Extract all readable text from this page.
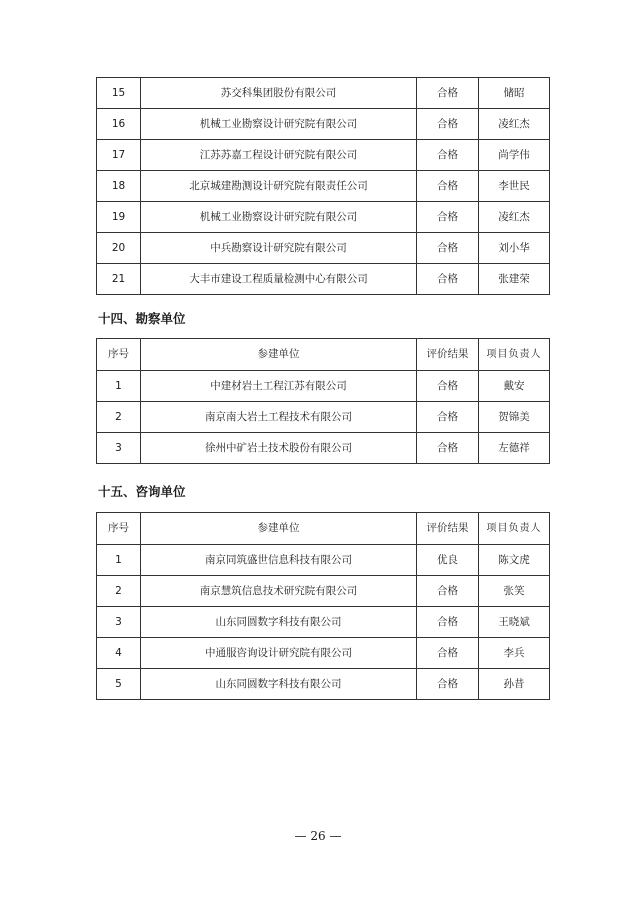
15	苏交科集团股份有限公司	合格	储昭
16	机械工业勘察设计研究院有限公司	合格	凌红杰
17	江苏苏嘉工程设计研究院有限公司	合格	尚学伟
18	北京城建勘测设计研究院有限责任公司	合格	李世民
19	机械工业勘察设计研究院有限公司	合格	凌红杰
20	中兵勘察设计研究院有限公司	合格	刘小华
21	大丰市建设工程质量检测中心有限公司	合格	张建荣
十四、勘察单位
序号	参建单位	评价结果	项目负责人
1	中建材岩土工程江苏有限公司	合格	戴安
2	南京南大岩土工程技术有限公司	合格	贺锦美
3	徐州中矿岩土技术股份有限公司	合格	左德祥
十五、咨询单位
序号	参建单位	评价结果	项目负责人
1	南京同筑盛世信息科技有限公司	优良	陈文虎
2	南京慧筑信息技术研究院有限公司	合格	张笑
3	山东同圆数字科技有限公司	合格	王晓斌
4	中通服咨询设计研究院有限公司	合格	李兵
5	山东同圆数字科技有限公司	合格	孙昔
— 26 —
